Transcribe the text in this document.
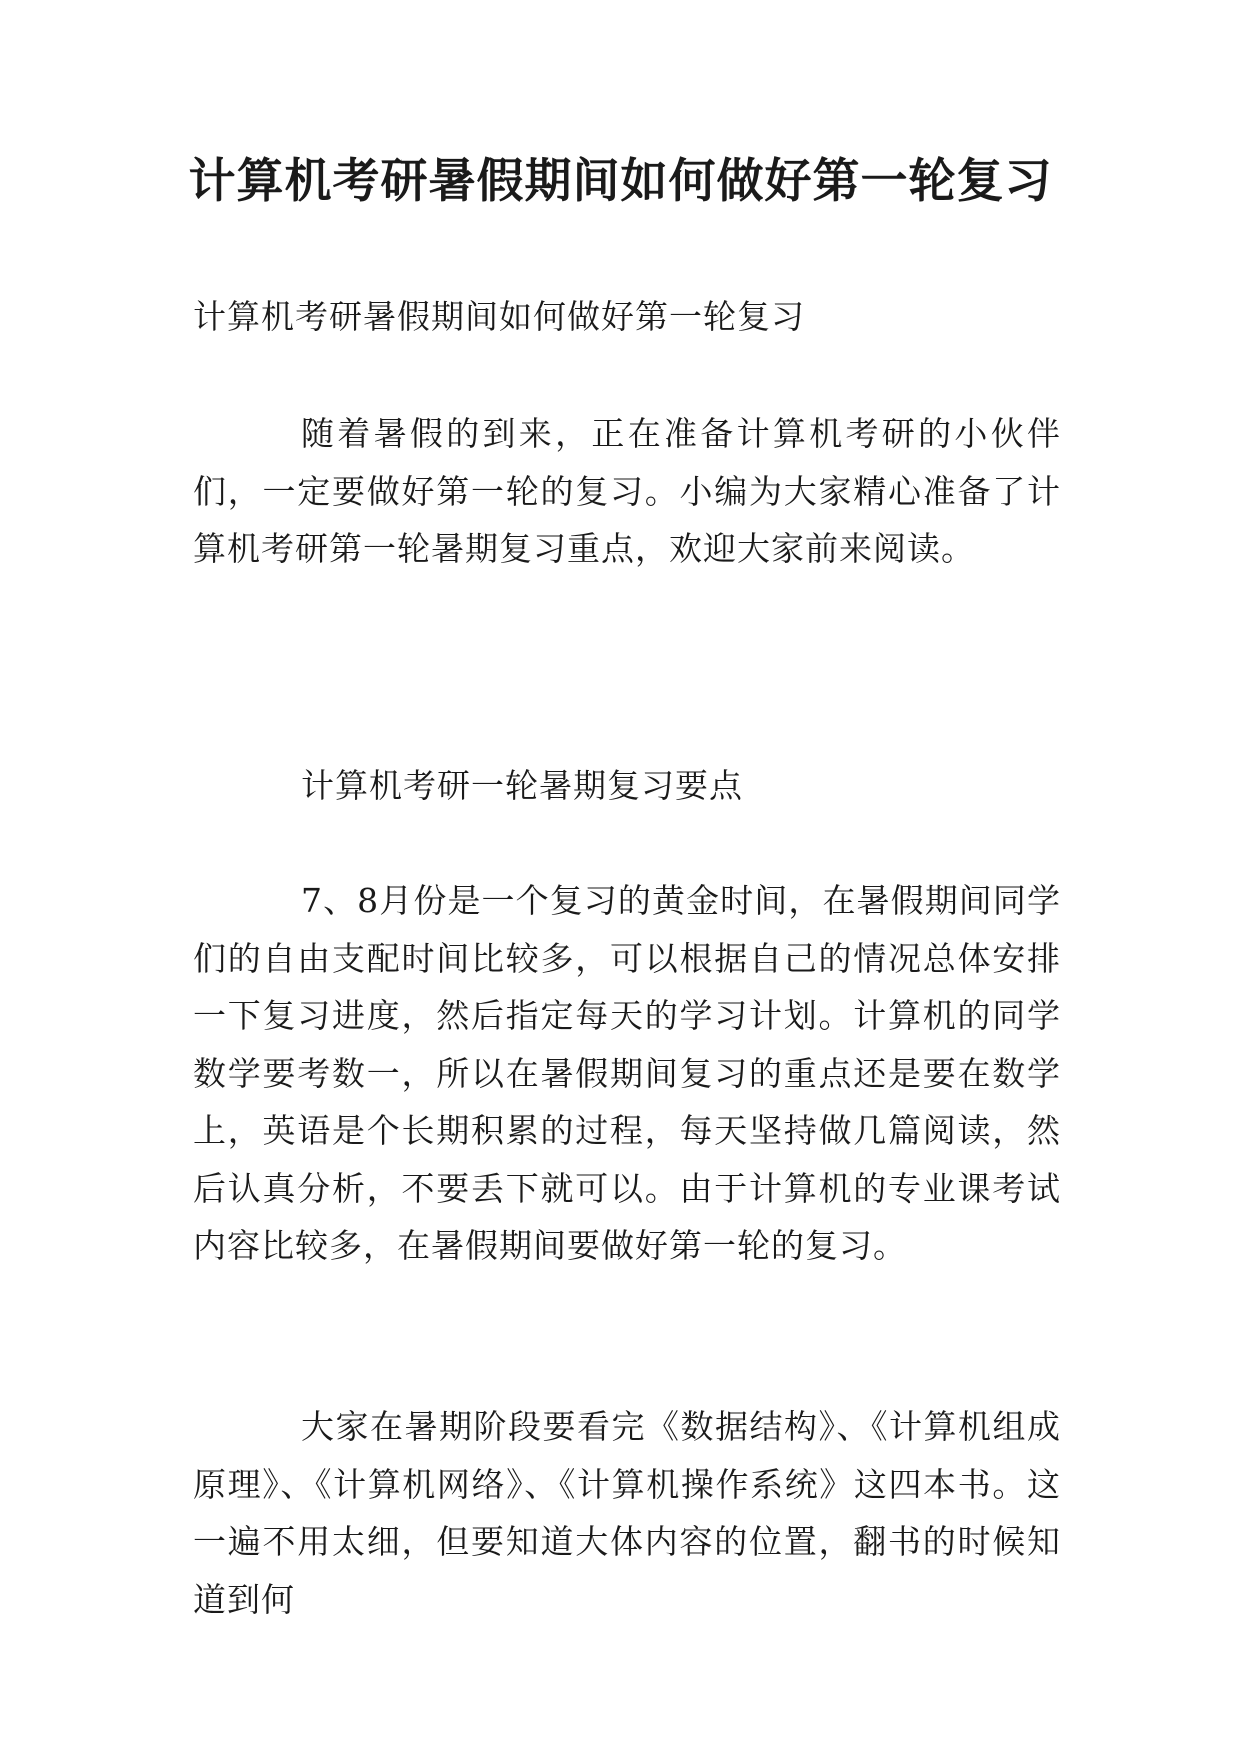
计算机考研暑假期间如何做好第一轮复习

计算机考研暑假期间如何做好第一轮复习

随着暑假的到来，正在准备计算机考研的小伙伴们，一定要做好第一轮的复习。小编为大家精心准备了计算机考研第一轮暑期复习重点，欢迎大家前来阅读。

计算机考研一轮暑期复习要点

7、8月份是一个复习的黄金时间，在暑假期间同学们的自由支配时间比较多，可以根据自己的情况总体安排一下复习进度，然后指定每天的学习计划。计算机的同学数学要考数一，所以在暑假期间复习的重点还是要在数学上，英语是个长期积累的过程，每天坚持做几篇阅读，然后认真分析，不要丢下就可以。由于计算机的专业课考试内容比较多，在暑假期间要做好第一轮的复习。

大家在暑期阶段要看完《数据结构》、《计算机组成原理》、《计算机网络》、《计算机操作系统》这四本书。这一遍不用太细，但要知道大体内容的位置，翻书的时候知道到何
